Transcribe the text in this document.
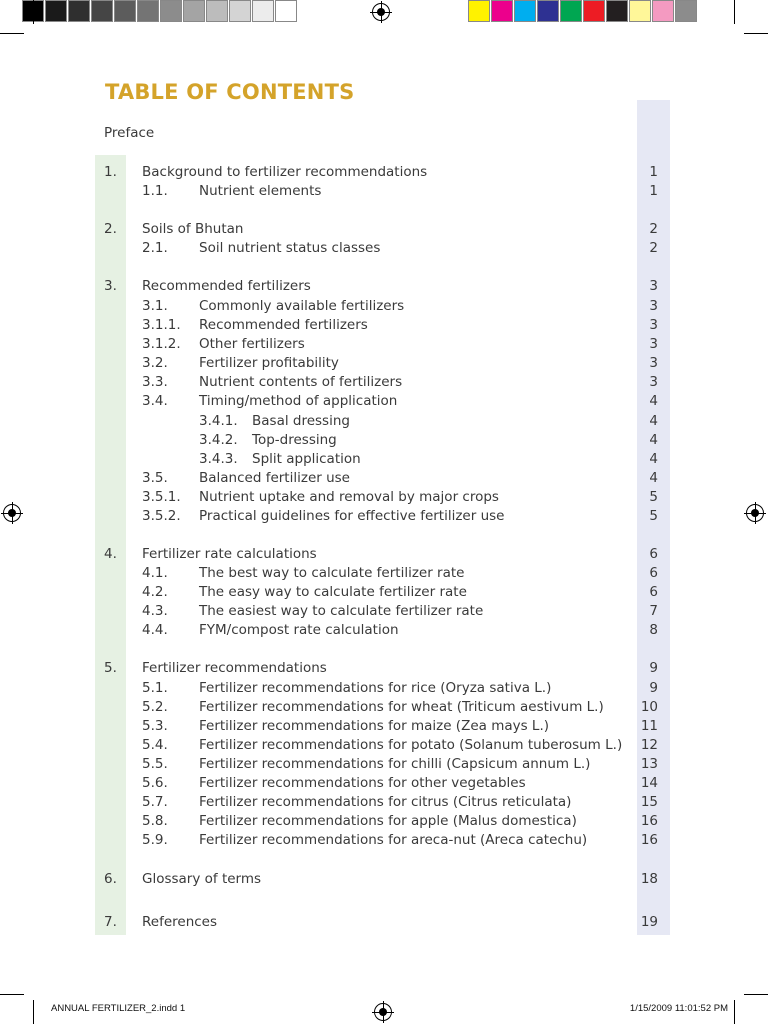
TABLE OF CONTENTS
Preface
1. Background to fertilizer recommendations	1
1.1. Nutrient elements	1
2. Soils of Bhutan	2
2.1. Soil nutrient status classes	2
3. Recommended fertilizers	3
3.1. Commonly available fertilizers	3
3.1.1. Recommended fertilizers	3
3.1.2. Other fertilizers	3
3.2. Fertilizer profitability	3
3.3. Nutrient contents of fertilizers	3
3.4. Timing/method of application	4
3.4.1. Basal dressing	4
3.4.2. Top-dressing	4
3.4.3. Split application	4
3.5. Balanced fertilizer use	4
3.5.1. Nutrient uptake and removal by major crops	5
3.5.2. Practical guidelines for effective fertilizer use	5
4. Fertilizer rate calculations	6
4.1. The best way to calculate fertilizer rate	6
4.2. The easy way to calculate fertilizer rate	6
4.3. The easiest way to calculate fertilizer rate	7
4.4. FYM/compost rate calculation	8
5. Fertilizer recommendations	9
5.1. Fertilizer recommendations for rice (Oryza sativa L.)	9
5.2. Fertilizer recommendations for wheat (Triticum aestivum L.)	10
5.3. Fertilizer recommendations for maize (Zea mays L.)	11
5.4. Fertilizer recommendations for potato (Solanum tuberosum L.)	12
5.5. Fertilizer recommendations for chilli (Capsicum annum L.)	13
5.6. Fertilizer recommendations for other vegetables	14
5.7. Fertilizer recommendations for citrus (Citrus reticulata)	15
5.8. Fertilizer recommendations for apple (Malus domestica)	16
5.9. Fertilizer recommendations for areca-nut (Areca catechu)	16
6. Glossary of terms	18
7. References	19
ANNUAL FERTILIZER_2.indd 1	1/15/2009 11:01:52 PM
